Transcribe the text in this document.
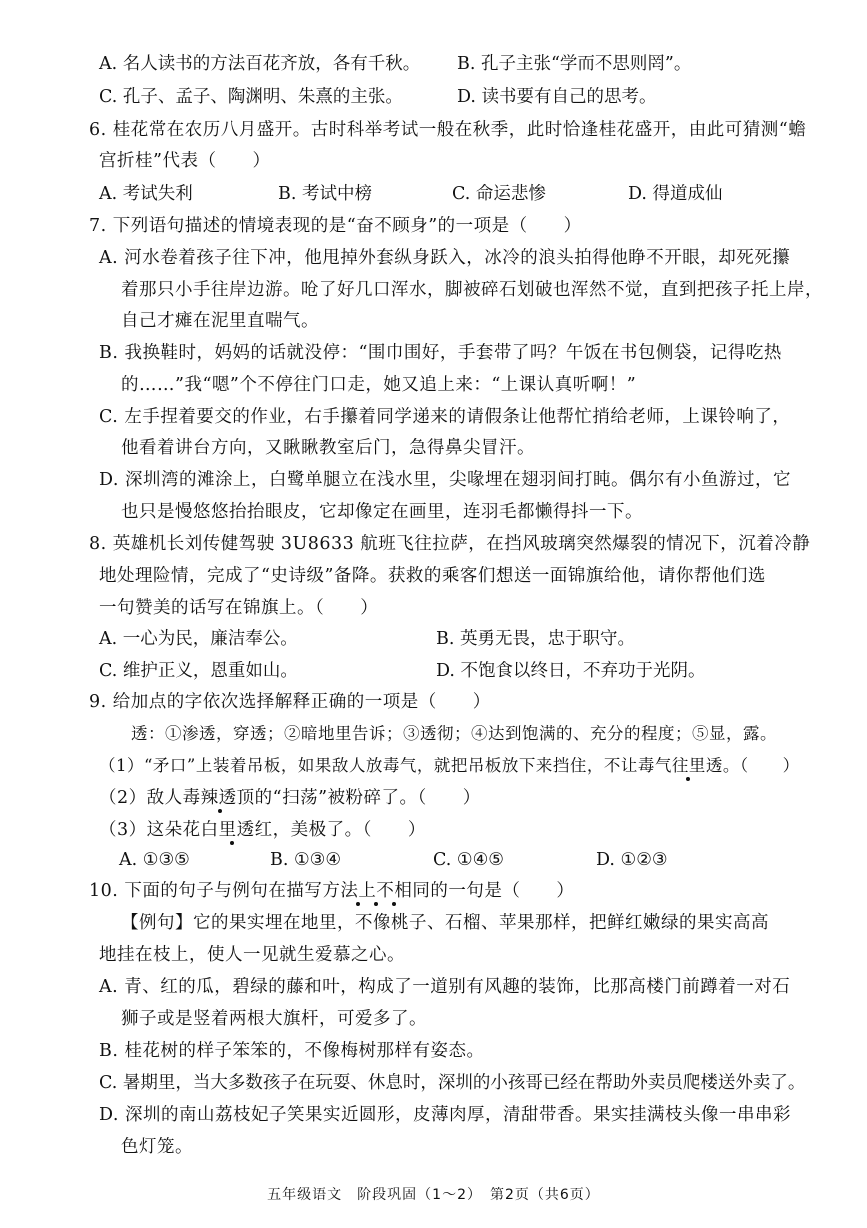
A. 名人读书的方法百花齐放，各有千秋。 B. 孔子主张“学而不思则罔”。
C. 孔子、孟子、陶渊明、朱熹的主张。	D. 读书要有自己的思考。
6. 桂花常在农历八月盛开。古时科举考试一般在秋季，此时恰逢桂花盛开，由此可猜测“蟾
宫折桂”代表（　　）
A. 考试失利	B. 考试中榜	C. 命运悲惨	D. 得道成仙
7. 下列语句描述的情境表现的是“奋不顾身”的一项是（　　）
A. 河水卷着孩子往下冲，他甩掉外套纵身跃入，冰冷的浪头拍得他睁不开眼，却死死攥
着那只小手往岸边游。呛了好几口浑水，脚被碎石划破也浑然不觉，直到把孩子托上岸，
自己才瘫在泥里直喘气。
B. 我换鞋时，妈妈的话就没停：“围巾围好，手套带了吗？午饭在书包侧袋，记得吃热
的……”我“嗯”个不停往门口走，她又追上来：“上课认真听啊！”
C. 左手捏着要交的作业，右手攥着同学递来的请假条让他帮忙捎给老师，上课铃响了，
他看着讲台方向，又瞅瞅教室后门，急得鼻尖冒汗。
D. 深圳湾的滩涂上，白鹭单腿立在浅水里，尖喙埋在翅羽间打盹。偶尔有小鱼游过，它
也只是慢悠悠抬抬眼皮，它却像定在画里，连羽毛都懒得抖一下。
8. 英雄机长刘传健驾驶 3U8633 航班飞往拉萨，在挡风玻璃突然爆裂的情况下，沉着冷静
地处理险情，完成了“史诗级”备降。获救的乘客们想送一面锦旗给他，请你帮他们选
一句赞美的话写在锦旗上。（　　）
A. 一心为民，廉洁奉公。	B. 英勇无畏，忠于职守。
C. 维护正义，恩重如山。	D. 不饱食以终日，不弃功于光阴。
9. 给加点的字依次选择解释正确的一项是（　　）
透：①渗透，穿透；②暗地里告诉；③透彻；④达到饱满的、充分的程度；⑤显，露。
（1）“矛口”上装着吊板，如果敌人放毒气，就把吊板放下来挡住，不让毒气往里透。（　　）
（2）敌人毒辣透顶的“扫荡”被粉碎了。（　　）
（3）这朵花白里透红，美极了。（　　）
A. ①③⑤	B. ①③④	C. ①④⑤	D. ①②③
10. 下面的句子与例句在描写方法上不相同的一句是（　　）
【例句】它的果实埋在地里，不像桃子、石榴、苹果那样，把鲜红嫩绿的果实高高
地挂在枝上，使人一见就生爱慕之心。
A. 青、红的瓜，碧绿的藤和叶，构成了一道别有风趣的装饰，比那高楼门前蹲着一对石
狮子或是竖着两根大旗杆，可爱多了。
B. 桂花树的样子笨笨的，不像梅树那样有姿态。
C. 暑期里，当大多数孩子在玩耍、休息时，深圳的小孩哥已经在帮助外卖员爬楼送外卖了。
D. 深圳的南山荔枝妃子笑果实近圆形，皮薄肉厚，清甜带香。果实挂满枝头像一串串彩
色灯笼。
五年级语文　阶段巩固（1～2）　第2页（共6页）
